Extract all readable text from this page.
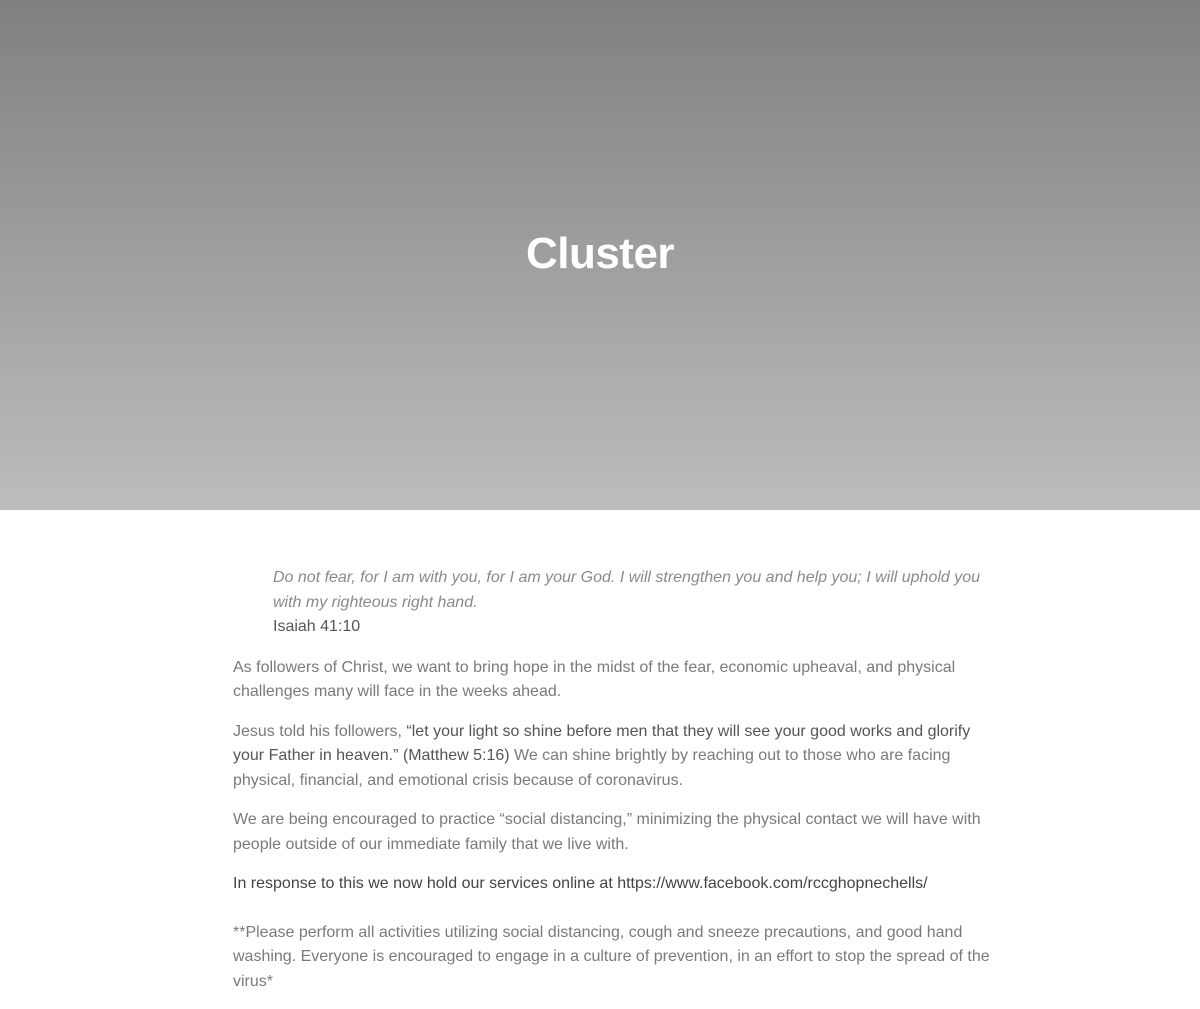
Cluster
Do not fear, for I am with you, for I am your God. I will strengthen you and help you; I will uphold you with my righteous right hand.
Isaiah 41:10

As followers of Christ, we want to bring hope in the midst of the fear, economic upheaval, and physical challenges many will face in the weeks ahead.

Jesus told his followers, “let your light so shine before men that they will see your good works and glorify your Father in heaven.” (Matthew 5:16) We can shine brightly by reaching out to those who are facing physical, financial, and emotional crisis because of coronavirus.

We are being encouraged to practice “social distancing,” minimizing the physical contact we will have with people outside of our immediate family that we live with.

In response to this we now hold our services online at https://www.facebook.com/rccghopnechells/

**Please perform all activities utilizing social distancing, cough and sneeze precautions, and good hand washing. Everyone is encouraged to engage in a culture of prevention, in an effort to stop the spread of the virus*
